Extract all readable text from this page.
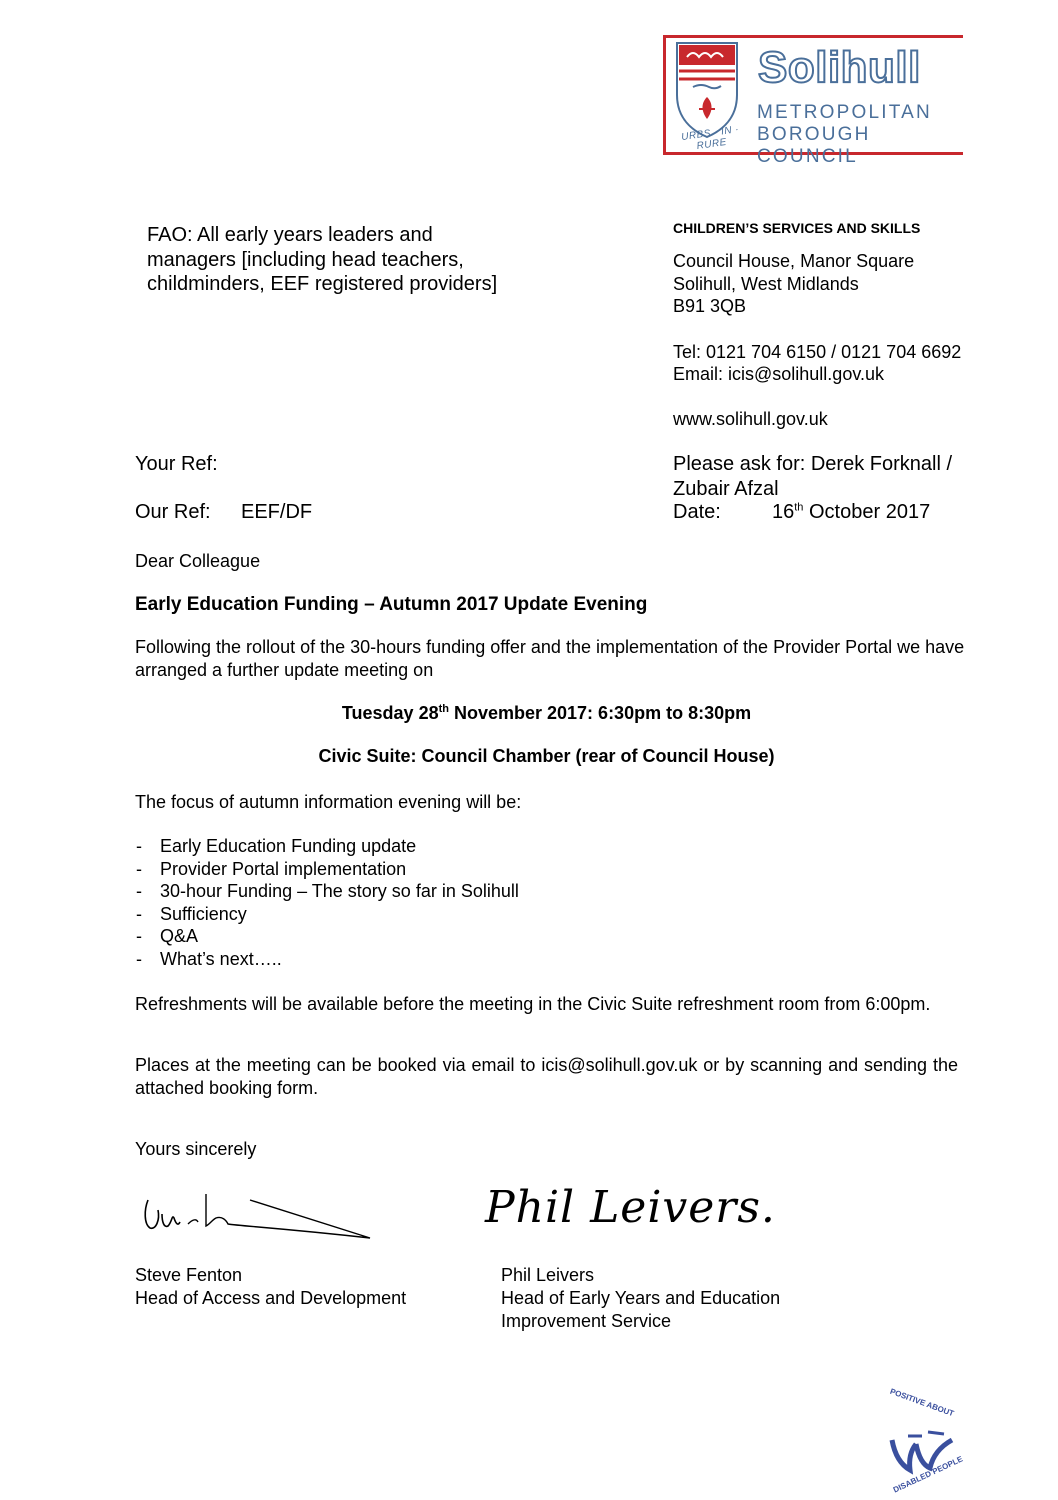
URBS · IN · RURE
Solihull
METROPOLITAN
BOROUGH COUNCIL

FAO: All early years leaders and managers [including head teachers, childminders, EEF registered providers]

CHILDREN’S SERVICES AND SKILLS

Council House, Manor Square

Solihull, West Midlands

B91 3QB

Tel: 0121 704 6150 / 0121 704 6692

Email: icis@solihull.gov.uk

www.solihull.gov.uk

Your Ref:	Please ask for: Derek Forknall / Zubair Afzal

Our Ref: EEF/DF	Date:	16th October 2017

Dear Colleague

Early Education Funding – Autumn 2017 Update Evening

Following the rollout of the 30-hours funding offer and the implementation of the Provider Portal we have arranged a further update meeting on

Tuesday 28th November 2017: 6:30pm to 8:30pm

Civic Suite: Council Chamber (rear of Council House)

The focus of autumn information evening will be:

- Early Education Funding update
- Provider Portal implementation
- 30-hour Funding – The story so far in Solihull
- Sufficiency
- Q&A
- What’s next…..

Refreshments will be available before the meeting in the Civic Suite refreshment room from 6:00pm.

Places at the meeting can be booked via email to icis@solihull.gov.uk or by scanning and sending the attached booking form.

Yours sincerely

Phil Leivers.

Steve Fenton

Head of Access and Development

Phil Leivers

Head of Early Years and Education Improvement Service

POSITIVE ABOUT
DISABLED PEOPLE
